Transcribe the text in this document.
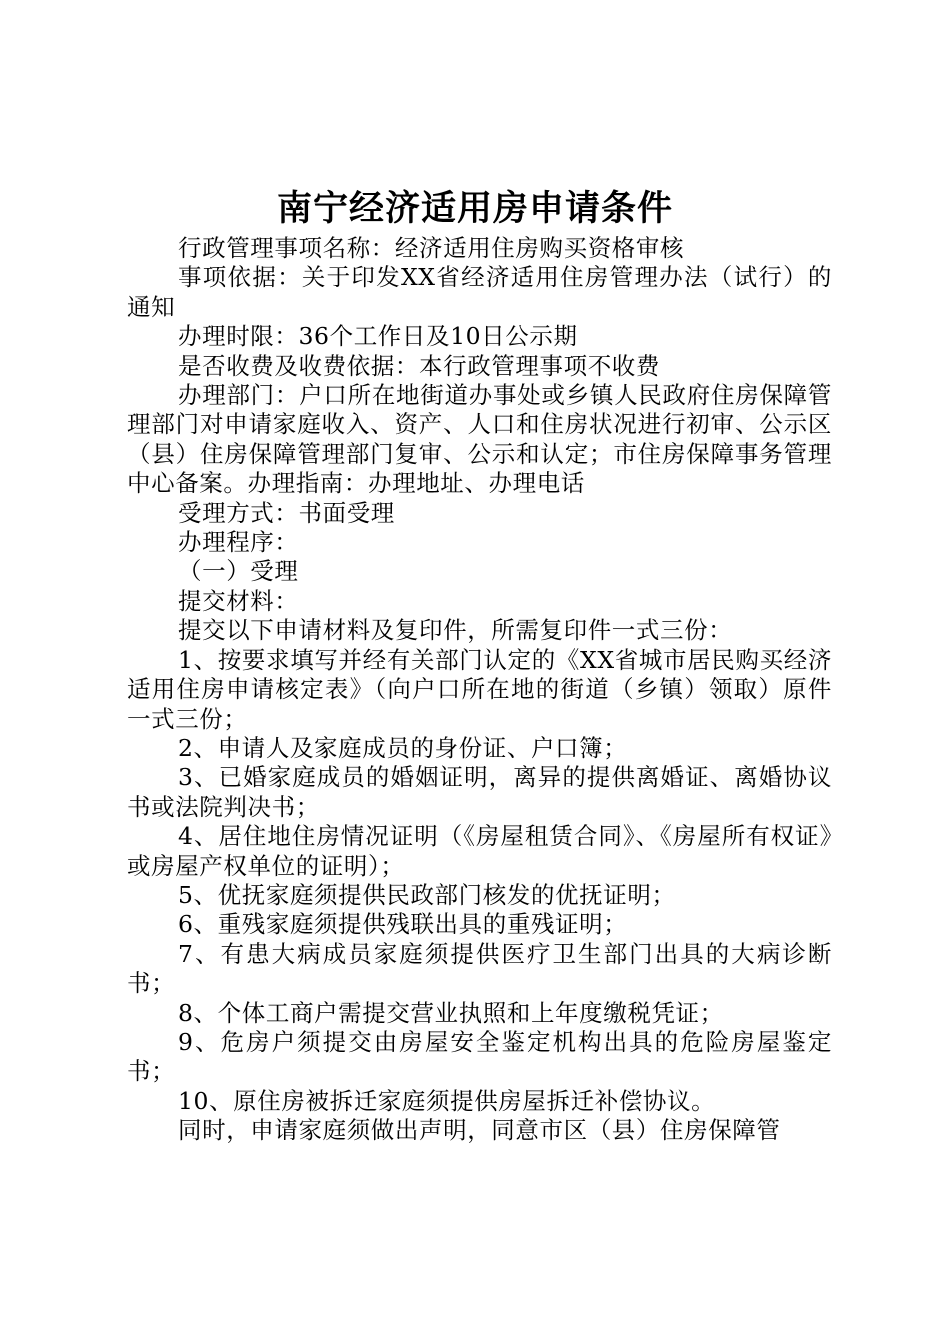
南宁经济适用房申请条件

行政管理事项名称：经济适用住房购买资格审核

事项依据：关于印发XX省经济适用住房管理办法（试行）的通知

办理时限：36个工作日及10日公示期

是否收费及收费依据：本行政管理事项不收费

办理部门：户口所在地街道办事处或乡镇人民政府住房保障管理部门对申请家庭收入、资产、人口和住房状况进行初审、公示区（县）住房保障管理部门复审、公示和认定；市住房保障事务管理中心备案。办理指南：办理地址、办理电话

受理方式：书面受理

办理程序：

（一）受理

提交材料：

提交以下申请材料及复印件，所需复印件一式三份：

1、按要求填写并经有关部门认定的《XX省城市居民购买经济适用住房申请核定表》（向户口所在地的街道（乡镇）领取）原件一式三份；

2、申请人及家庭成员的身份证、户口簿；

3、已婚家庭成员的婚姻证明，离异的提供离婚证、离婚协议书或法院判决书；

4、居住地住房情况证明（《房屋租赁合同》、《房屋所有权证》或房屋产权单位的证明）；

5、优抚家庭须提供民政部门核发的优抚证明；

6、重残家庭须提供残联出具的重残证明；

7、有患大病成员家庭须提供医疗卫生部门出具的大病诊断书；

8、个体工商户需提交营业执照和上年度缴税凭证；

9、危房户须提交由房屋安全鉴定机构出具的危险房屋鉴定书；

10、原住房被拆迁家庭须提供房屋拆迁补偿协议。

同时，申请家庭须做出声明，同意市区（县）住房保障管
